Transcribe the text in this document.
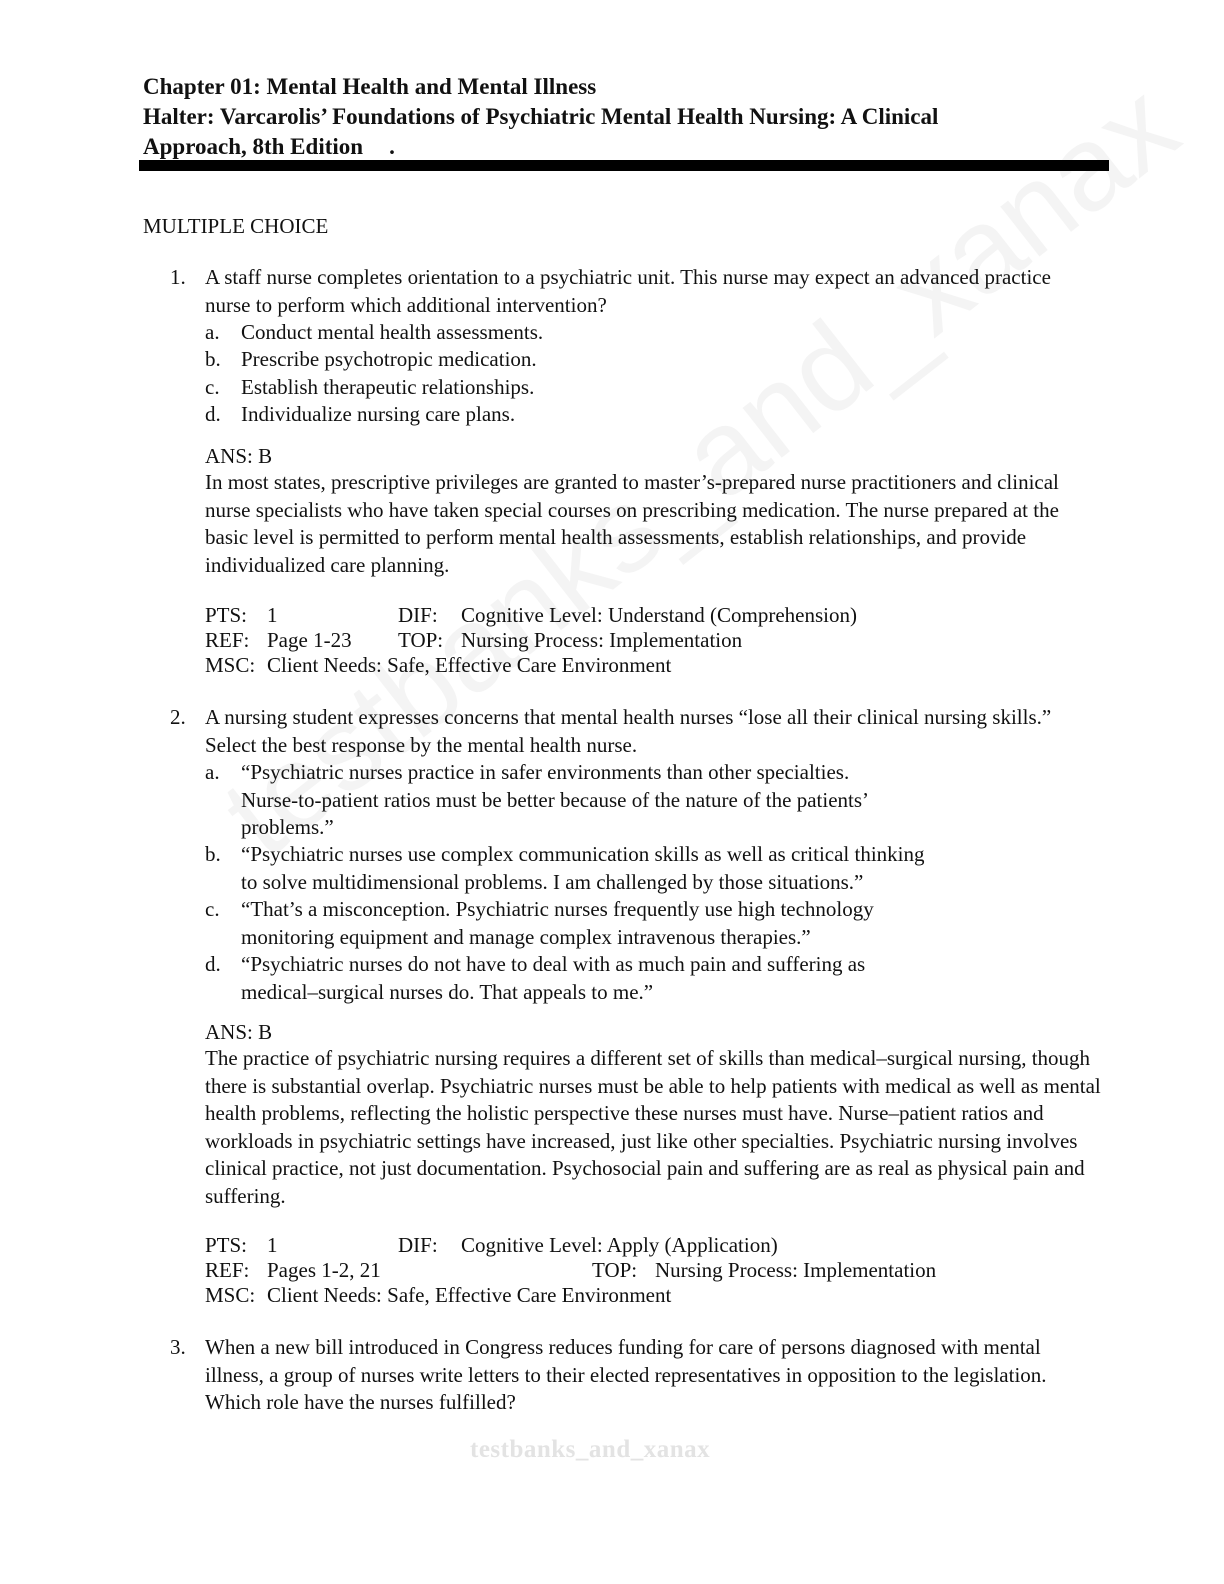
Chapter 01: Mental Health and Mental Illness
Halter: Varcarolis’ Foundations of Psychiatric Mental Health Nursing: A Clinical
Approach, 8th Edition .
MULTIPLE CHOICE
1. A staff nurse completes orientation to a psychiatric unit. This nurse may expect an advanced practice nurse to perform which additional intervention?
a.	Conduct mental health assessments.
b. Prescribe psychotropic medication.
c.	Establish therapeutic relationships.
d. Individualize nursing care plans.
ANS: B
In most states, prescriptive privileges are granted to master’s-prepared nurse practitioners and clinical nurse specialists who have taken special courses on prescribing medication. The nurse prepared at the basic level is permitted to perform mental health assessments, establish relationships, and provide individualized care planning.
PTS: 1	DIF: Cognitive Level: Understand (Comprehension)
REF: Page 1-23 TOP: Nursing Process: Implementation
MSC: Client Needs: Safe, Effective Care Environment
2. A nursing student expresses concerns that mental health nurses “lose all their clinical nursing skills.” Select the best response by the mental health nurse.
a.	“Psychiatric nurses practice in safer environments than other specialties.
Nurse-to-patient ratios must be better because of the nature of the patients’
problems.”
b. “Psychiatric nurses use complex communication skills as well as critical thinking
to solve multidimensional problems. I am challenged by those situations.”
c.	“That’s a misconception. Psychiatric nurses frequently use high technology
monitoring equipment and manage complex intravenous therapies.”
d. “Psychiatric nurses do not have to deal with as much pain and suffering as
medical–surgical nurses do. That appeals to me.”
ANS: B
The practice of psychiatric nursing requires a different set of skills than medical–surgical nursing, though there is substantial overlap. Psychiatric nurses must be able to help patients with medical as well as mental health problems, reflecting the holistic perspective these nurses must have. Nurse–patient ratios and workloads in psychiatric settings have increased, just like other specialties. Psychiatric nursing involves clinical practice, not just documentation. Psychosocial pain and suffering are as real as physical pain and suffering.
PTS: 1	DIF: Cognitive Level: Apply (Application)
REF: Pages 1-2, 21	TOP: Nursing Process: Implementation
MSC: Client Needs: Safe, Effective Care Environment
3. When a new bill introduced in Congress reduces funding for care of persons diagnosed with mental illness, a group of nurses write letters to their elected representatives in opposition to the legislation. Which role have the nurses fulfilled?
testbanks_and_xanax
